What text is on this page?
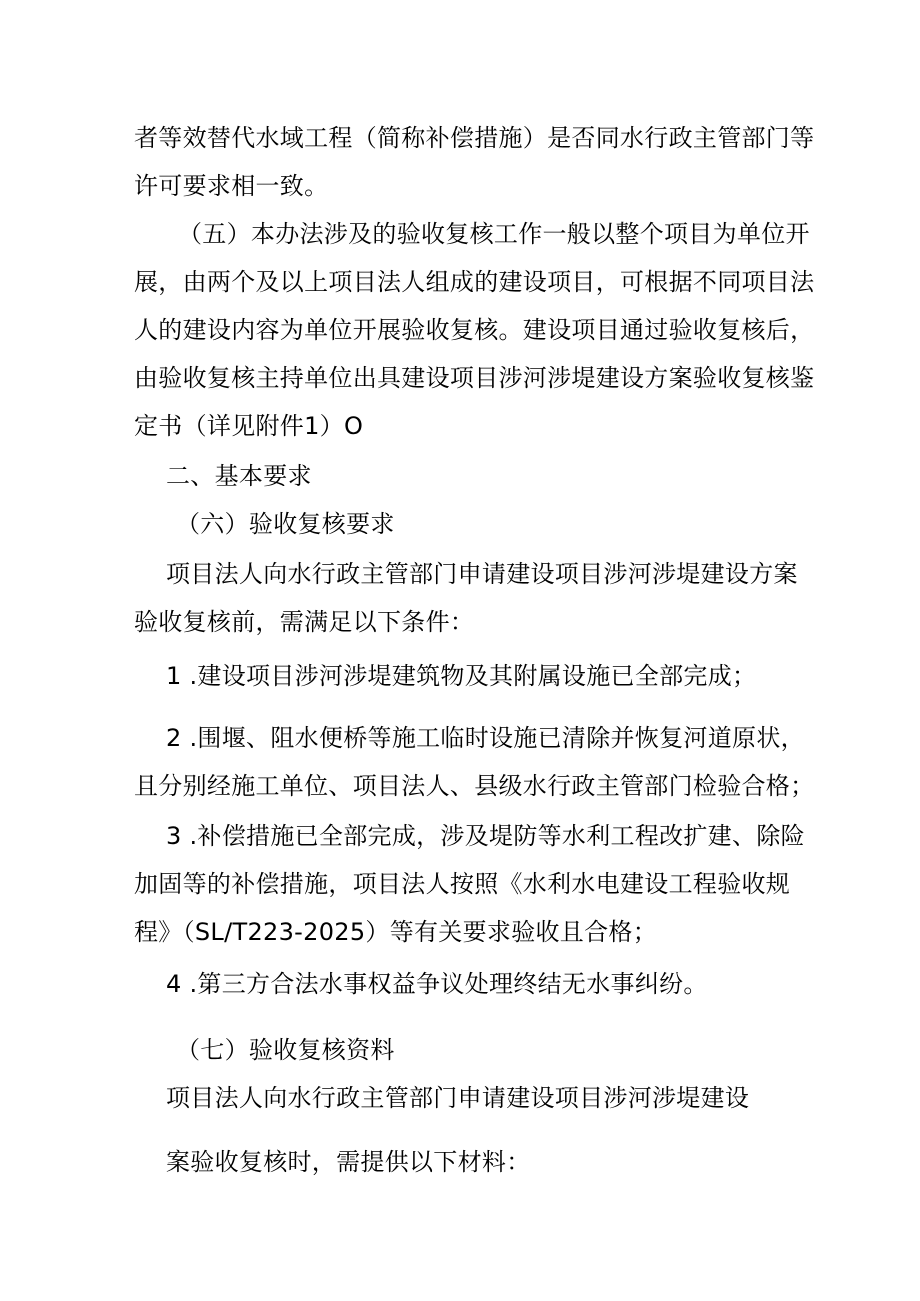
者等效替代水域工程（简称补偿措施）是否同水行政主管部门等
许可要求相一致。
（五）本办法涉及的验收复核工作一般以整个项目为单位开
展，由两个及以上项目法人组成的建设项目，可根据不同项目法
人的建设内容为单位开展验收复核。建设项目通过验收复核后，
由验收复核主持单位出具建设项目涉河涉堤建设方案验收复核鉴
定书（详见附件1）O
二、基本要求
（六）验收复核要求
项目法人向水行政主管部门申请建设项目涉河涉堤建设方案
验收复核前，需满足以下条件：
1 .建设项目涉河涉堤建筑物及其附属设施已全部完成；
2 .围堰、阻水便桥等施工临时设施已清除并恢复河道原状，
且分别经施工单位、项目法人、县级水行政主管部门检验合格；
3 .补偿措施已全部完成，涉及堤防等水利工程改扩建、除险
加固等的补偿措施，项目法人按照《水利水电建设工程验收规
程》（SL/T223-2025）等有关要求验收且合格；
4 .第三方合法水事权益争议处理终结无水事纠纷。
（七）验收复核资料
项目法人向水行政主管部门申请建设项目涉河涉堤建设
案验收复核时，需提供以下材料：
